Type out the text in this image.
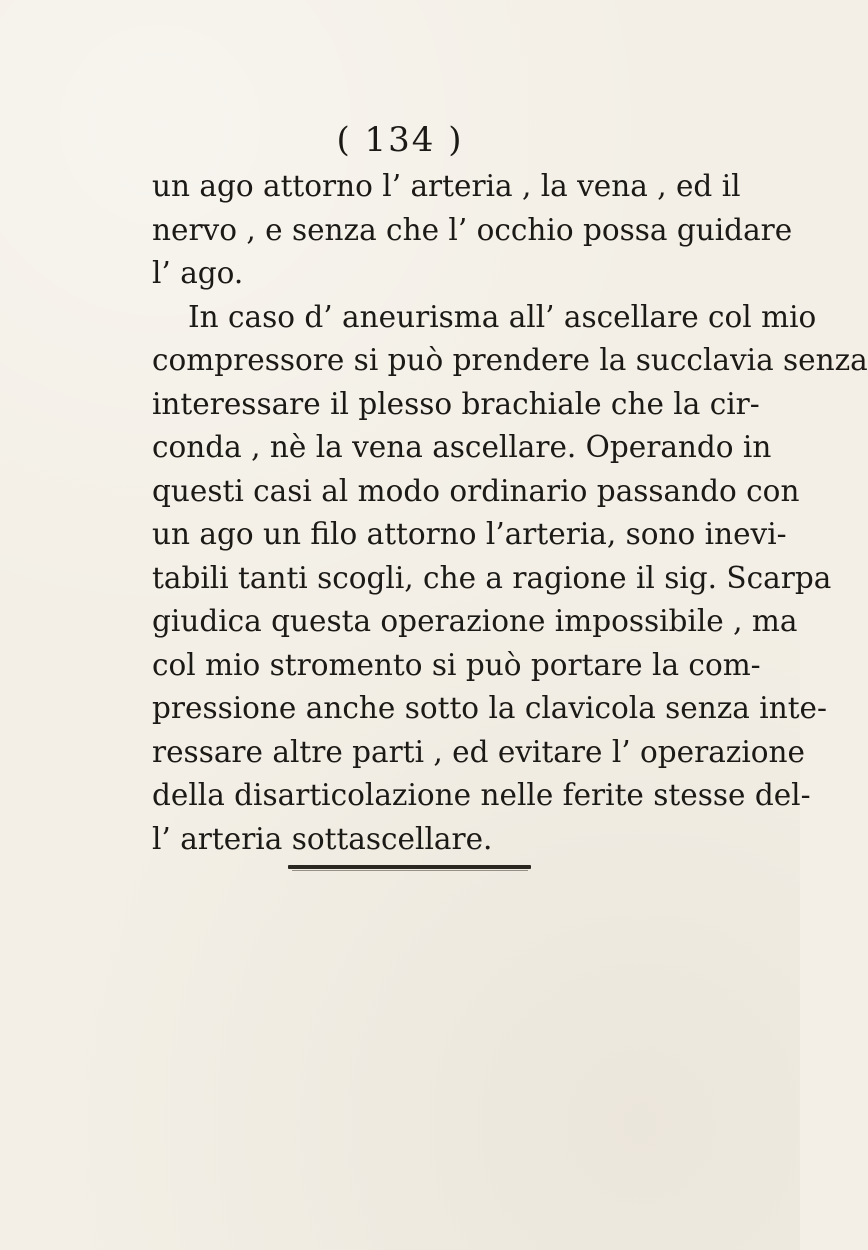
( 134 )
un ago attorno l’ arteria , la vena , ed il
nervo , e senza che l’ occhio possa guidare
l’ ago.
In caso d’ aneurisma all’ ascellare col mio
compressore si può prendere la succlavia senza
interessare il plesso brachiale che la cir-
conda , nè la vena ascellare. Operando in
questi casi al modo ordinario passando con
un ago un filo attorno l’arteria, sono inevi-
tabili tanti scogli, che a ragione il sig. Scarpa
giudica questa operazione impossibile , ma
col mio stromento si può portare la com-
pressione anche sotto la clavicola senza inte-
ressare altre parti , ed evitare l’ operazione
della disarticolazione nelle ferite stesse del-
l’ arteria sottascellare.
